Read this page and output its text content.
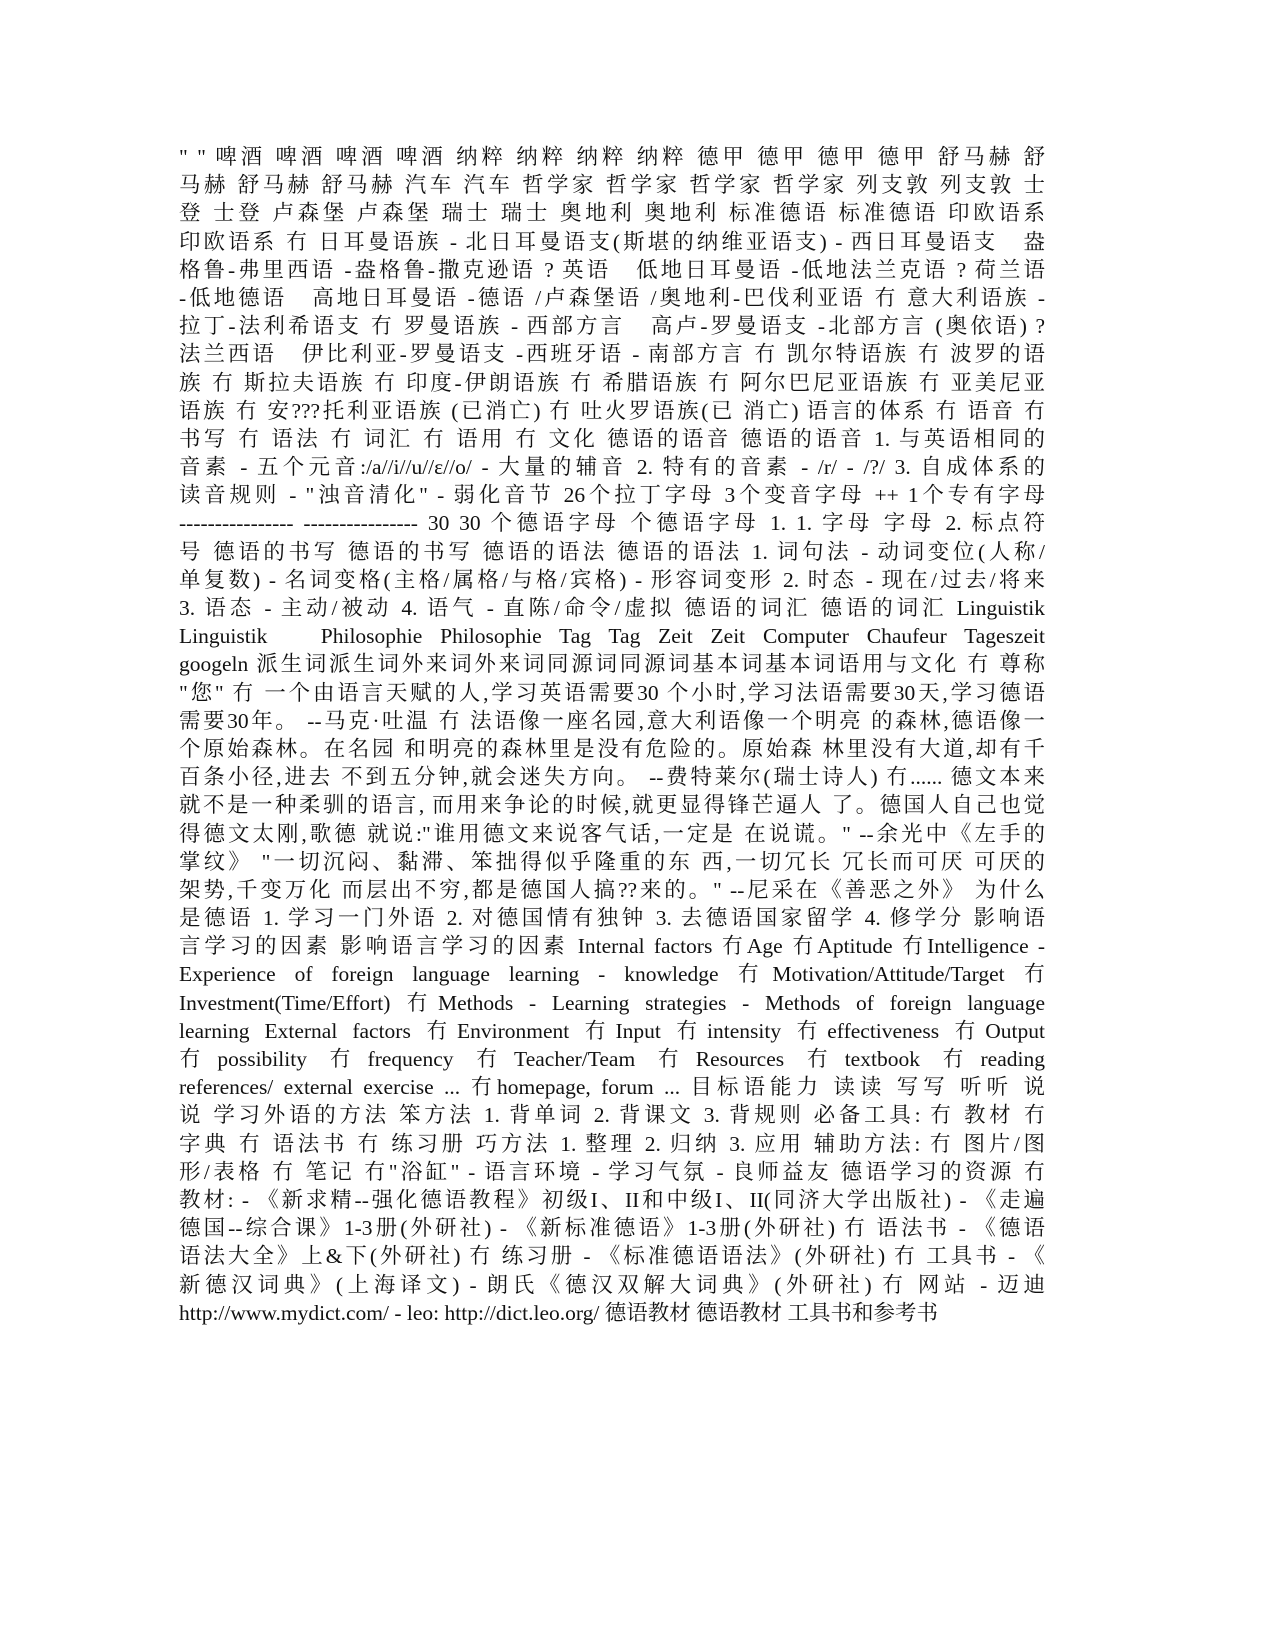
" " 啤酒 啤酒 啤酒 啤酒 纳粹 纳粹 纳粹 纳粹 德甲 德甲 德甲 德甲 舒马赫 舒
马赫 舒马赫 舒马赫 汽车 汽车 哲学家 哲学家 哲学家 哲学家 列支敦 列支敦 士
登 士登 卢森堡 卢森堡 瑞士 瑞士 奥地利 奥地利 标准德语 标准德语 印欧语系
印欧语系 冇 日耳曼语族 - 北日耳曼语支(斯堪的纳维亚语支) - 西日耳曼语支   盎
格鲁-弗里西语 -盎格鲁-撒克逊语 ? 英语   低地日耳曼语 -低地法兰克语 ? 荷兰语
-低地德语   高地日耳曼语 -德语 /卢森堡语 /奥地利-巴伐利亚语 冇 意大利语族 -
拉丁-法利希语支 冇 罗曼语族 - 西部方言   高卢-罗曼语支 -北部方言 (奥依语) ?
法兰西语   伊比利亚-罗曼语支 -西班牙语 - 南部方言 冇 凯尔特语族 冇 波罗的语
族 冇 斯拉夫语族 冇 印度-伊朗语族 冇 希腊语族 冇 阿尔巴尼亚语族 冇 亚美尼亚
语族 冇 安???托利亚语族 (已消亡) 冇 吐火罗语族(已 消亡) 语言的体系 冇 语音 冇
书写 冇 语法 冇 词汇 冇 语用 冇 文化 德语的语音 德语的语音 1. 与英语相同的
音素 - 五个元音:/a//i//u//ε//o/ - 大量的辅音 2. 特有的音素 - /r/ - /?/ 3. 自成体系的
读音规则 - "浊音清化" - 弱化音节 26个拉丁字母 3个变音字母 ++ 1个专有字母
---------------- ---------------- 30 30 个德语字母 个德语字母 1. 1. 字母 字母 2. 标点符
号 德语的书写 德语的书写 德语的语法 德语的语法 1. 词句法 - 动词变位(人称/
单复数) - 名词变格(主格/属格/与格/宾格) - 形容词变形 2. 时态 - 现在/过去/将来
3. 语态 - 主动/被动 4. 语气 - 直陈/命令/虚拟 德语的词汇 德语的词汇 Linguistik
Linguistik   Philosophie Philosophie Tag Tag Zeit Zeit Computer Chaufeur Tageszeit
googeln 派生词派生词外来词外来词同源词同源词基本词基本词语用与文化 冇 尊称
"您" 冇 一个由语言天赋的人,学习英语需要30 个小时,学习法语需要30天,学习德语
需要30年。 --马克·吐温 冇 法语像一座名园,意大利语像一个明亮 的森林,德语像一
个原始森林。在名园 和明亮的森林里是没有危险的。原始森 林里没有大道,却有千
百条小径,进去 不到五分钟,就会迷失方向。 --费特莱尔(瑞士诗人) 冇...... 德文本来
就不是一种柔驯的语言, 而用来争论的时候,就更显得锋芒逼人 了。德国人自己也觉
得德文太刚,歌德 就说:"谁用德文来说客气话,一定是 在说谎。" --余光中《左手的
掌纹》 "一切沉闷、黏滞、笨拙得似乎隆重的东 西,一切冗长 冗长而可厌 可厌的
架势,千变万化 而层出不穷,都是德国人搞??来的。" --尼采在《善恶之外》 为什么
是德语 1. 学习一门外语 2. 对德国情有独钟 3. 去德语国家留学 4. 修学分 影响语
言学习的因素 影响语言学习的因素 Internal factors 冇Age 冇Aptitude 冇Intelligence -
Experience of foreign language learning - knowledge 冇Motivation/Attitude/Target 冇
Investment(Time/Effort) 冇Methods - Learning strategies - Methods of foreign language
learning External factors 冇Environment 冇Input 冇intensity 冇effectiveness 冇Output
冇possibility 冇frequency 冇Teacher/Team 冇Resources 冇textbook 冇reading
references/ external exercise ... 冇homepage, forum ... 目标语能力 读读 写写 听听 说
说 学习外语的方法 笨方法 1. 背单词 2. 背课文 3. 背规则 必备工具: 冇 教材 冇
字典 冇 语法书 冇 练习册 巧方法 1. 整理 2. 归纳 3. 应用 辅助方法: 冇 图片/图
形/表格 冇 笔记 冇"浴缸" - 语言环境 - 学习气氛 - 良师益友 德语学习的资源 冇
教材: - 《新求精--强化德语教程》初级I、II和中级I、II(同济大学出版社) - 《走遍
德国--综合课》1-3册(外研社) - 《新标准德语》1-3册(外研社) 冇 语法书 - 《德语
语法大全》上&下(外研社) 冇 练习册 - 《标准德语语法》(外研社) 冇 工具书 - 《
新德汉词典》(上海译文) - 朗氏《德汉双解大词典》(外研社) 冇 网站 - 迈迪
http://www.mydict.com/ - leo: http://dict.leo.org/ 德语教材 德语教材 工具书和参考书
